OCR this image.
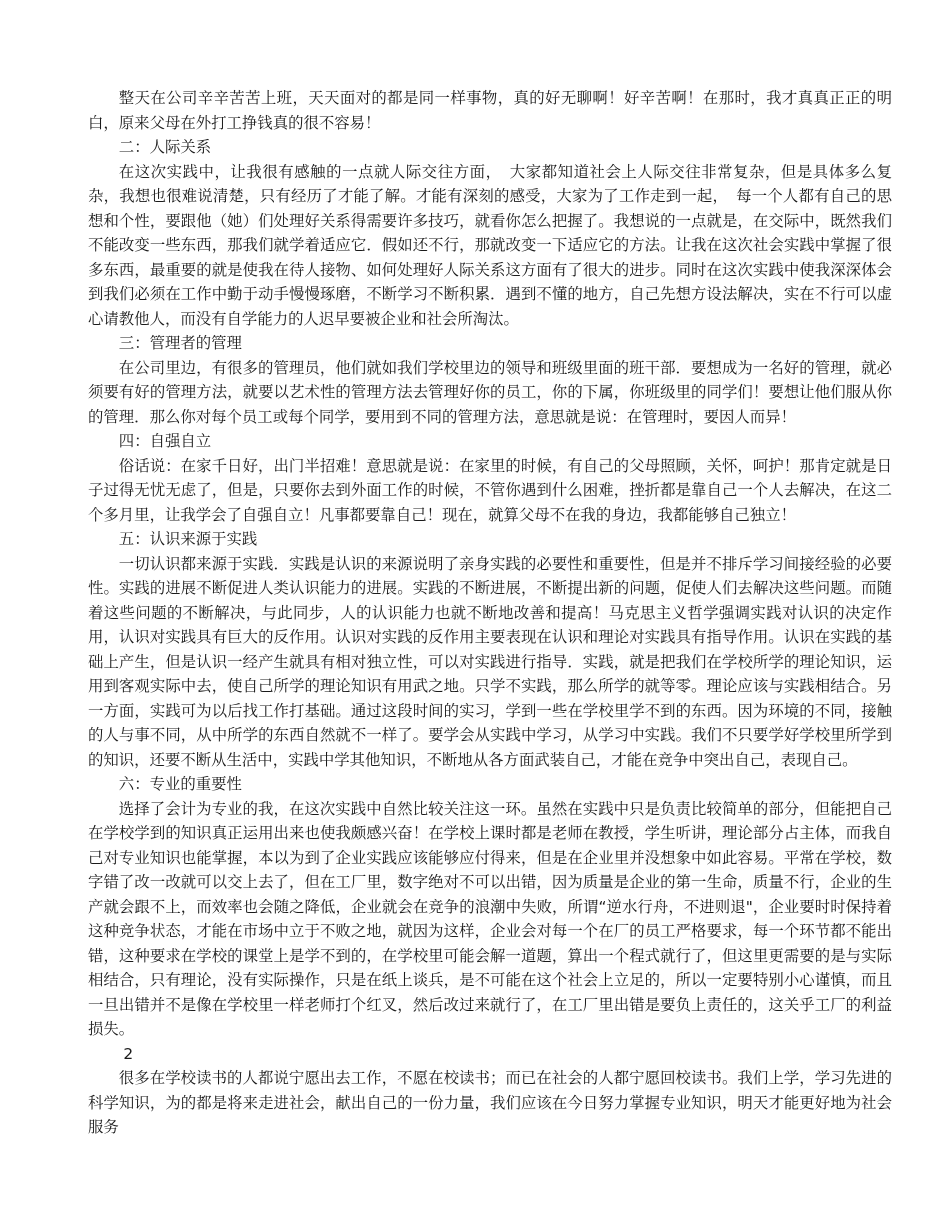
整天在公司辛辛苦苦上班，天天面对的都是同一样事物，真的好无聊啊！好辛苦啊！在那时，我才真真正正的明白，原来父母在外打工挣钱真的很不容易！

二：人际关系

在这次实践中，让我很有感触的一点就人际交往方面，　大家都知道社会上人际交往非常复杂，但是具体多么复杂，我想也很难说清楚，只有经历了才能了解。才能有深刻的感受，大家为了工作走到一起，　每一个人都有自己的思想和个性，要跟他（她）们处理好关系得需要许多技巧，就看你怎么把握了。我想说的一点就是，在交际中，既然我们不能改变一些东西，那我们就学着适应它．假如还不行，那就改变一下适应它的方法。让我在这次社会实践中掌握了很多东西，最重要的就是使我在待人接物、如何处理好人际关系这方面有了很大的进步。同时在这次实践中使我深深体会到我们必须在工作中勤于动手慢慢琢磨，不断学习不断积累．遇到不懂的地方，自己先想方设法解决，实在不行可以虚心请教他人，而没有自学能力的人迟早要被企业和社会所淘汰。

三：管理者的管理

在公司里边，有很多的管理员，他们就如我们学校里边的领导和班级里面的班干部．要想成为一名好的管理，就必须要有好的管理方法，就要以艺术性的管理方法去管理好你的员工，你的下属，你班级里的同学们！要想让他们服从你的管理．那么你对每个员工或每个同学，要用到不同的管理方法，意思就是说：在管理时，要因人而异！

四：自强自立

俗话说：在家千日好，出门半招难！意思就是说：在家里的时候，有自己的父母照顾，关怀，呵护！那肯定就是日子过得无忧无虑了，但是，只要你去到外面工作的时候，不管你遇到什么困难，挫折都是靠自己一个人去解决，在这二个多月里，让我学会了自强自立！凡事都要靠自己！现在，就算父母不在我的身边，我都能够自己独立！

五：认识来源于实践

一切认识都来源于实践．实践是认识的来源说明了亲身实践的必要性和重要性，但是并不排斥学习间接经验的必要性。实践的进展不断促进人类认识能力的进展。实践的不断进展，不断提出新的问题，促使人们去解决这些问题。而随着这些问题的不断解决，与此同步，人的认识能力也就不断地改善和提高！马克思主义哲学强调实践对认识的决定作用，认识对实践具有巨大的反作用。认识对实践的反作用主要表现在认识和理论对实践具有指导作用。认识在实践的基础上产生，但是认识一经产生就具有相对独立性，可以对实践进行指导．实践，就是把我们在学校所学的理论知识，运用到客观实际中去，使自己所学的理论知识有用武之地。只学不实践，那么所学的就等零。理论应该与实践相结合。另一方面，实践可为以后找工作打基础。通过这段时间的实习，学到一些在学校里学不到的东西。因为环境的不同，接触的人与事不同，从中所学的东西自然就不一样了。要学会从实践中学习，从学习中实践。我们不只要学好学校里所学到的知识，还要不断从生活中，实践中学其他知识，不断地从各方面武装自己，才能在竞争中突出自己，表现自己。

六：专业的重要性

选择了会计为专业的我，在这次实践中自然比较关注这一环。虽然在实践中只是负责比较简单的部分，但能把自己在学校学到的知识真正运用出来也使我颇感兴奋！在学校上课时都是老师在教授，学生听讲，理论部分占主体，而我自己对专业知识也能掌握，本以为到了企业实践应该能够应付得来，但是在企业里并没想象中如此容易。平常在学校，数字错了改一改就可以交上去了，但在工厂里，数字绝对不可以出错，因为质量是企业的第一生命，质量不行，企业的生产就会跟不上，而效率也会随之降低，企业就会在竞争的浪潮中失败，所谓“逆水行舟，不进则退"，企业要时时保持着这种竞争状态，才能在市场中立于不败之地，就因为这样，企业会对每一个在厂的员工严格要求，每一个环节都不能出错，这种要求在学校的课堂上是学不到的，在学校里可能会解一道题，算出一个程式就行了，但这里更需要的是与实际相结合，只有理论，没有实际操作，只是在纸上谈兵，是不可能在这个社会上立足的，所以一定要特别小心谨慎，而且一旦出错并不是像在学校里一样老师打个红叉，然后改过来就行了，在工厂里出错是要负上责任的，这关乎工厂的利益损失。

2

很多在学校读书的人都说宁愿出去工作，不愿在校读书；而已在社会的人都宁愿回校读书。我们上学，学习先进的科学知识，为的都是将来走进社会，献出自己的一份力量，我们应该在今日努力掌握专业知识，明天才能更好地为社会服务
